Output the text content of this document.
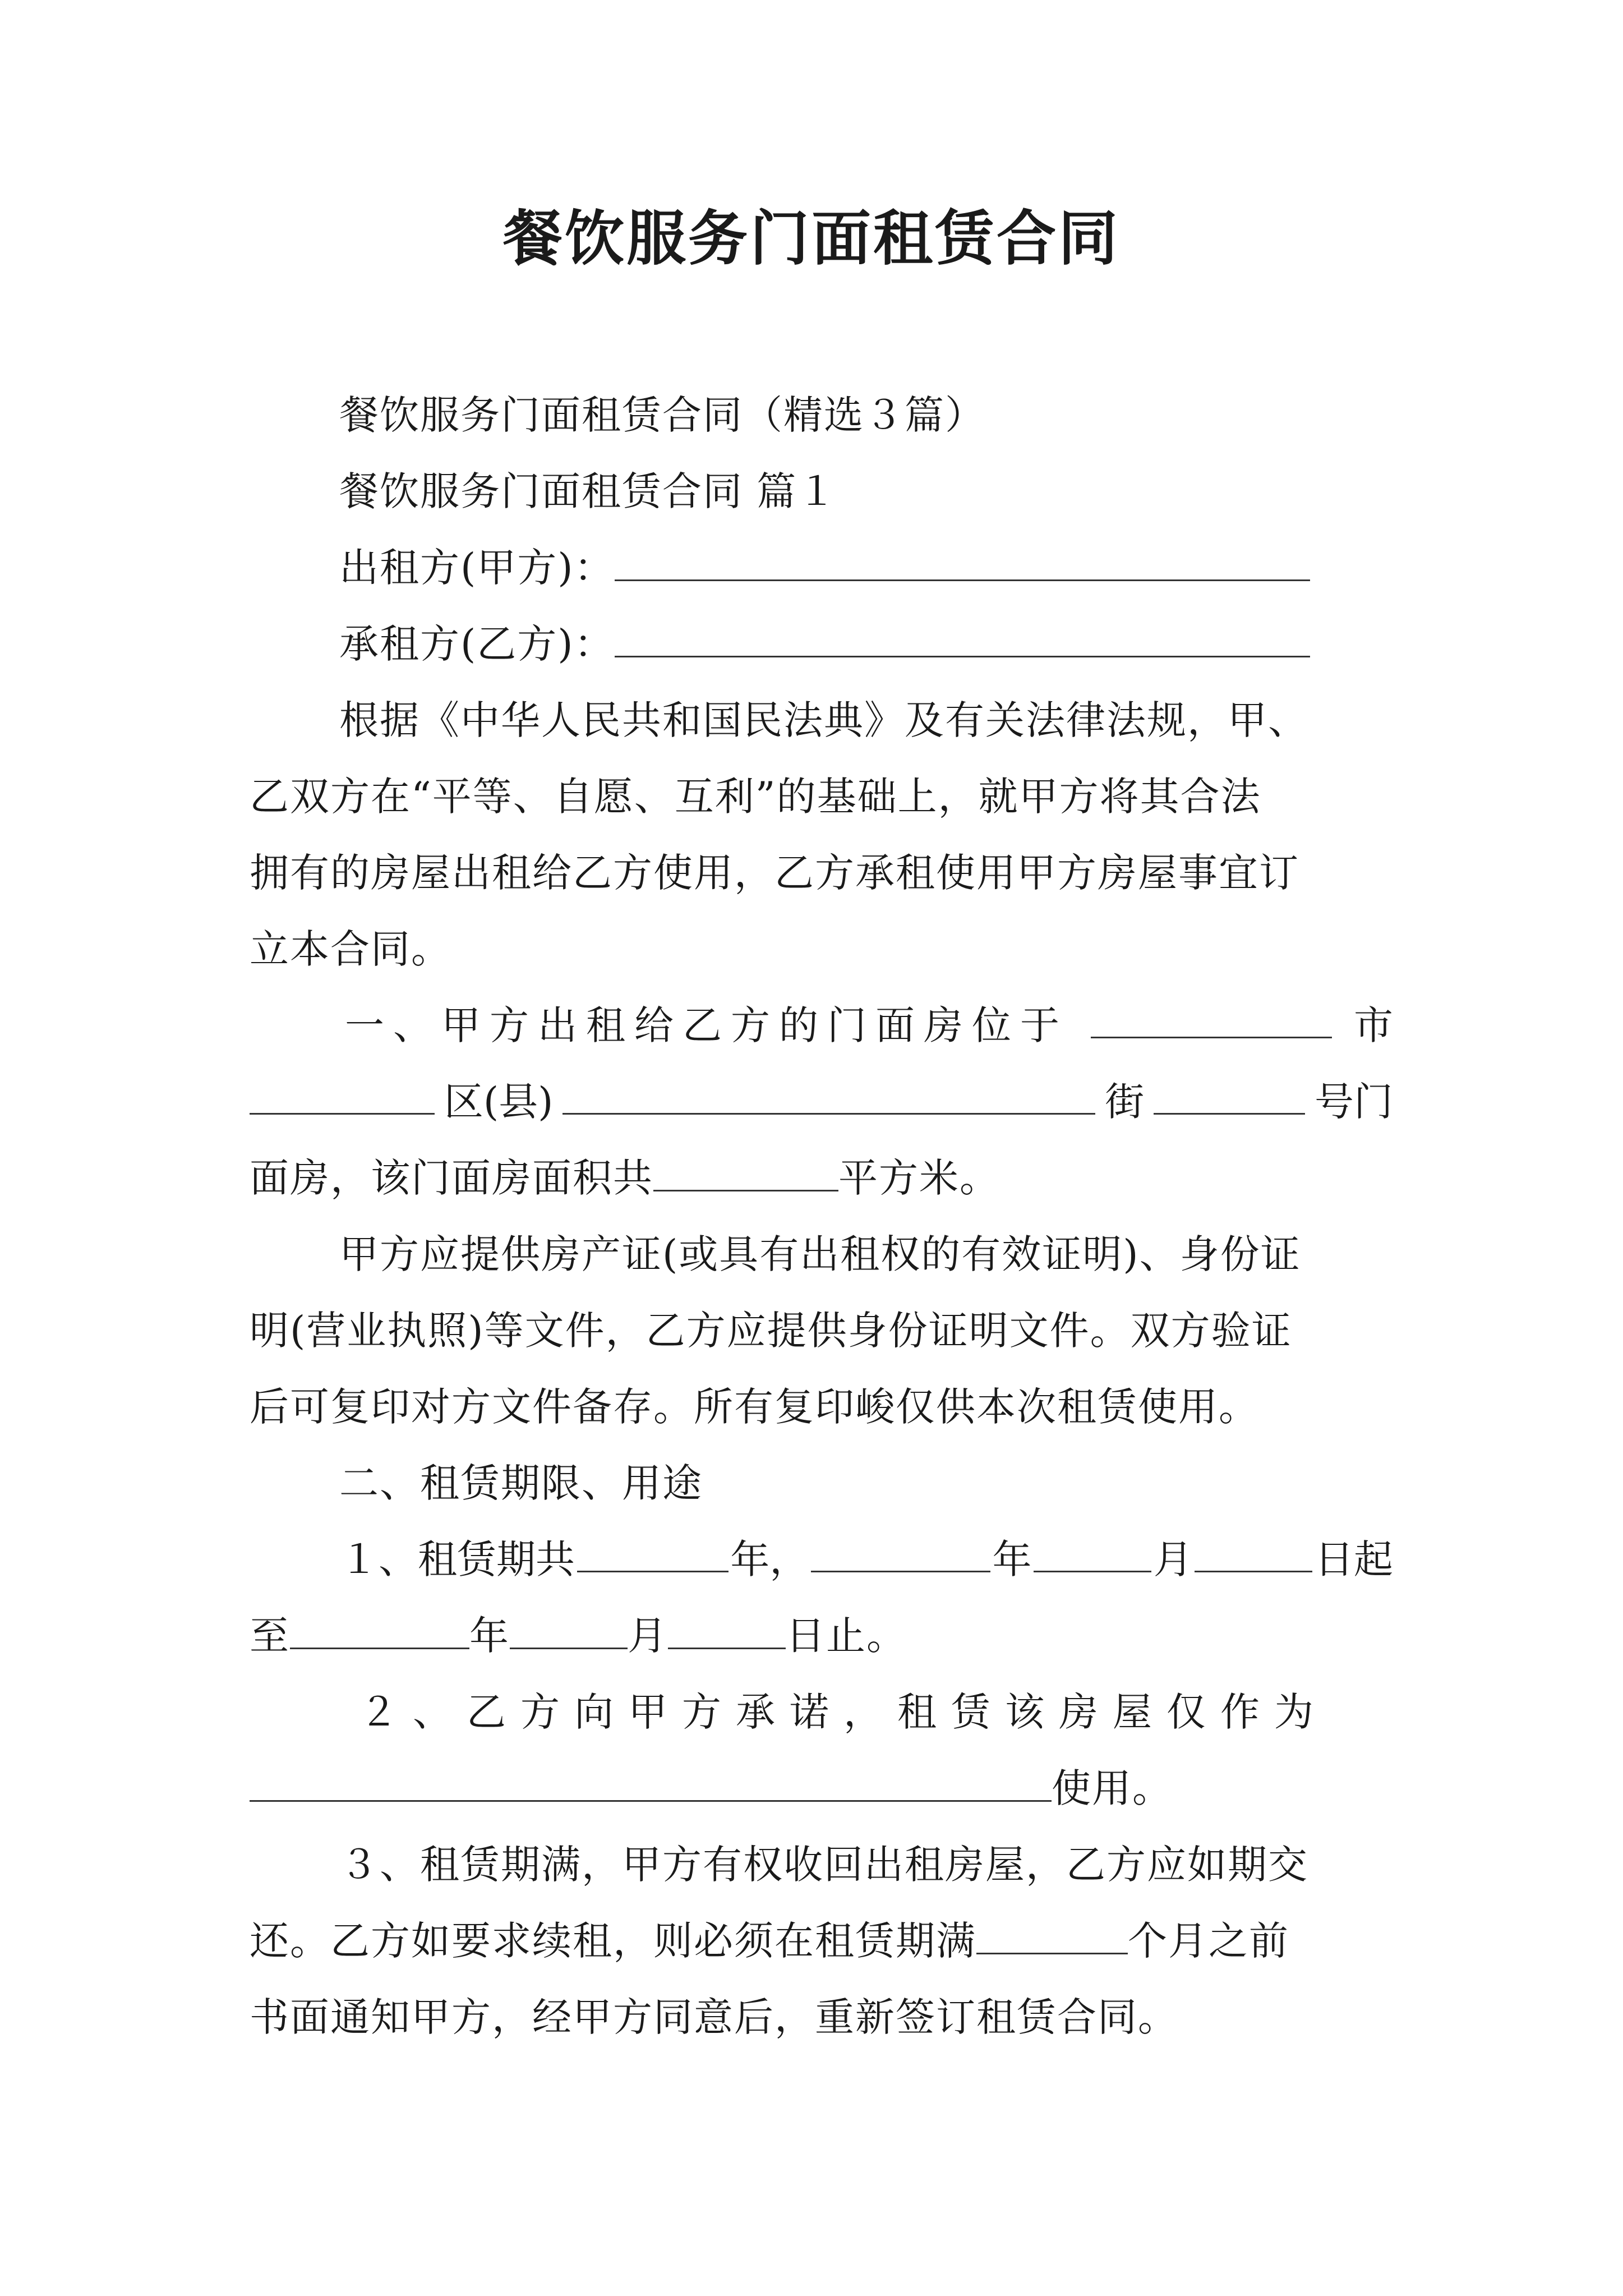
餐饮服务门面租赁合同
餐饮服务门面租赁合同（精选３篇）
餐饮服务门面租赁合同 篇１
出租方(甲方)：
承租方(乙方)：
根据《中华人民共和国民法典》及有关法律法规，甲、
乙双方在“平等、自愿、互利”的基础上，就甲方将其合法
拥有的房屋出租给乙方使用，乙方承租使用甲方房屋事宜订
立本合同。
一、甲方出租给乙方的门面房位于	市
区(县)	街	号门
面房，该门面房面积共	平方米。
甲方应提供房产证(或具有出租权的有效证明)、身份证
明(营业执照)等文件，乙方应提供身份证明文件。双方验证
后可复印对方文件备存。所有复印峻仅供本次租赁使用。
二、租赁期限、用途
１、租赁期共	年，	年	月	日起
至	年	月	日止。
２、乙方向甲方承诺，租赁该房屋仅作为
使用。
３、租赁期满，甲方有权收回出租房屋，乙方应如期交
还。乙方如要求续租，则必须在租赁期满	个月之前
书面通知甲方，经甲方同意后，重新签订租赁合同。
